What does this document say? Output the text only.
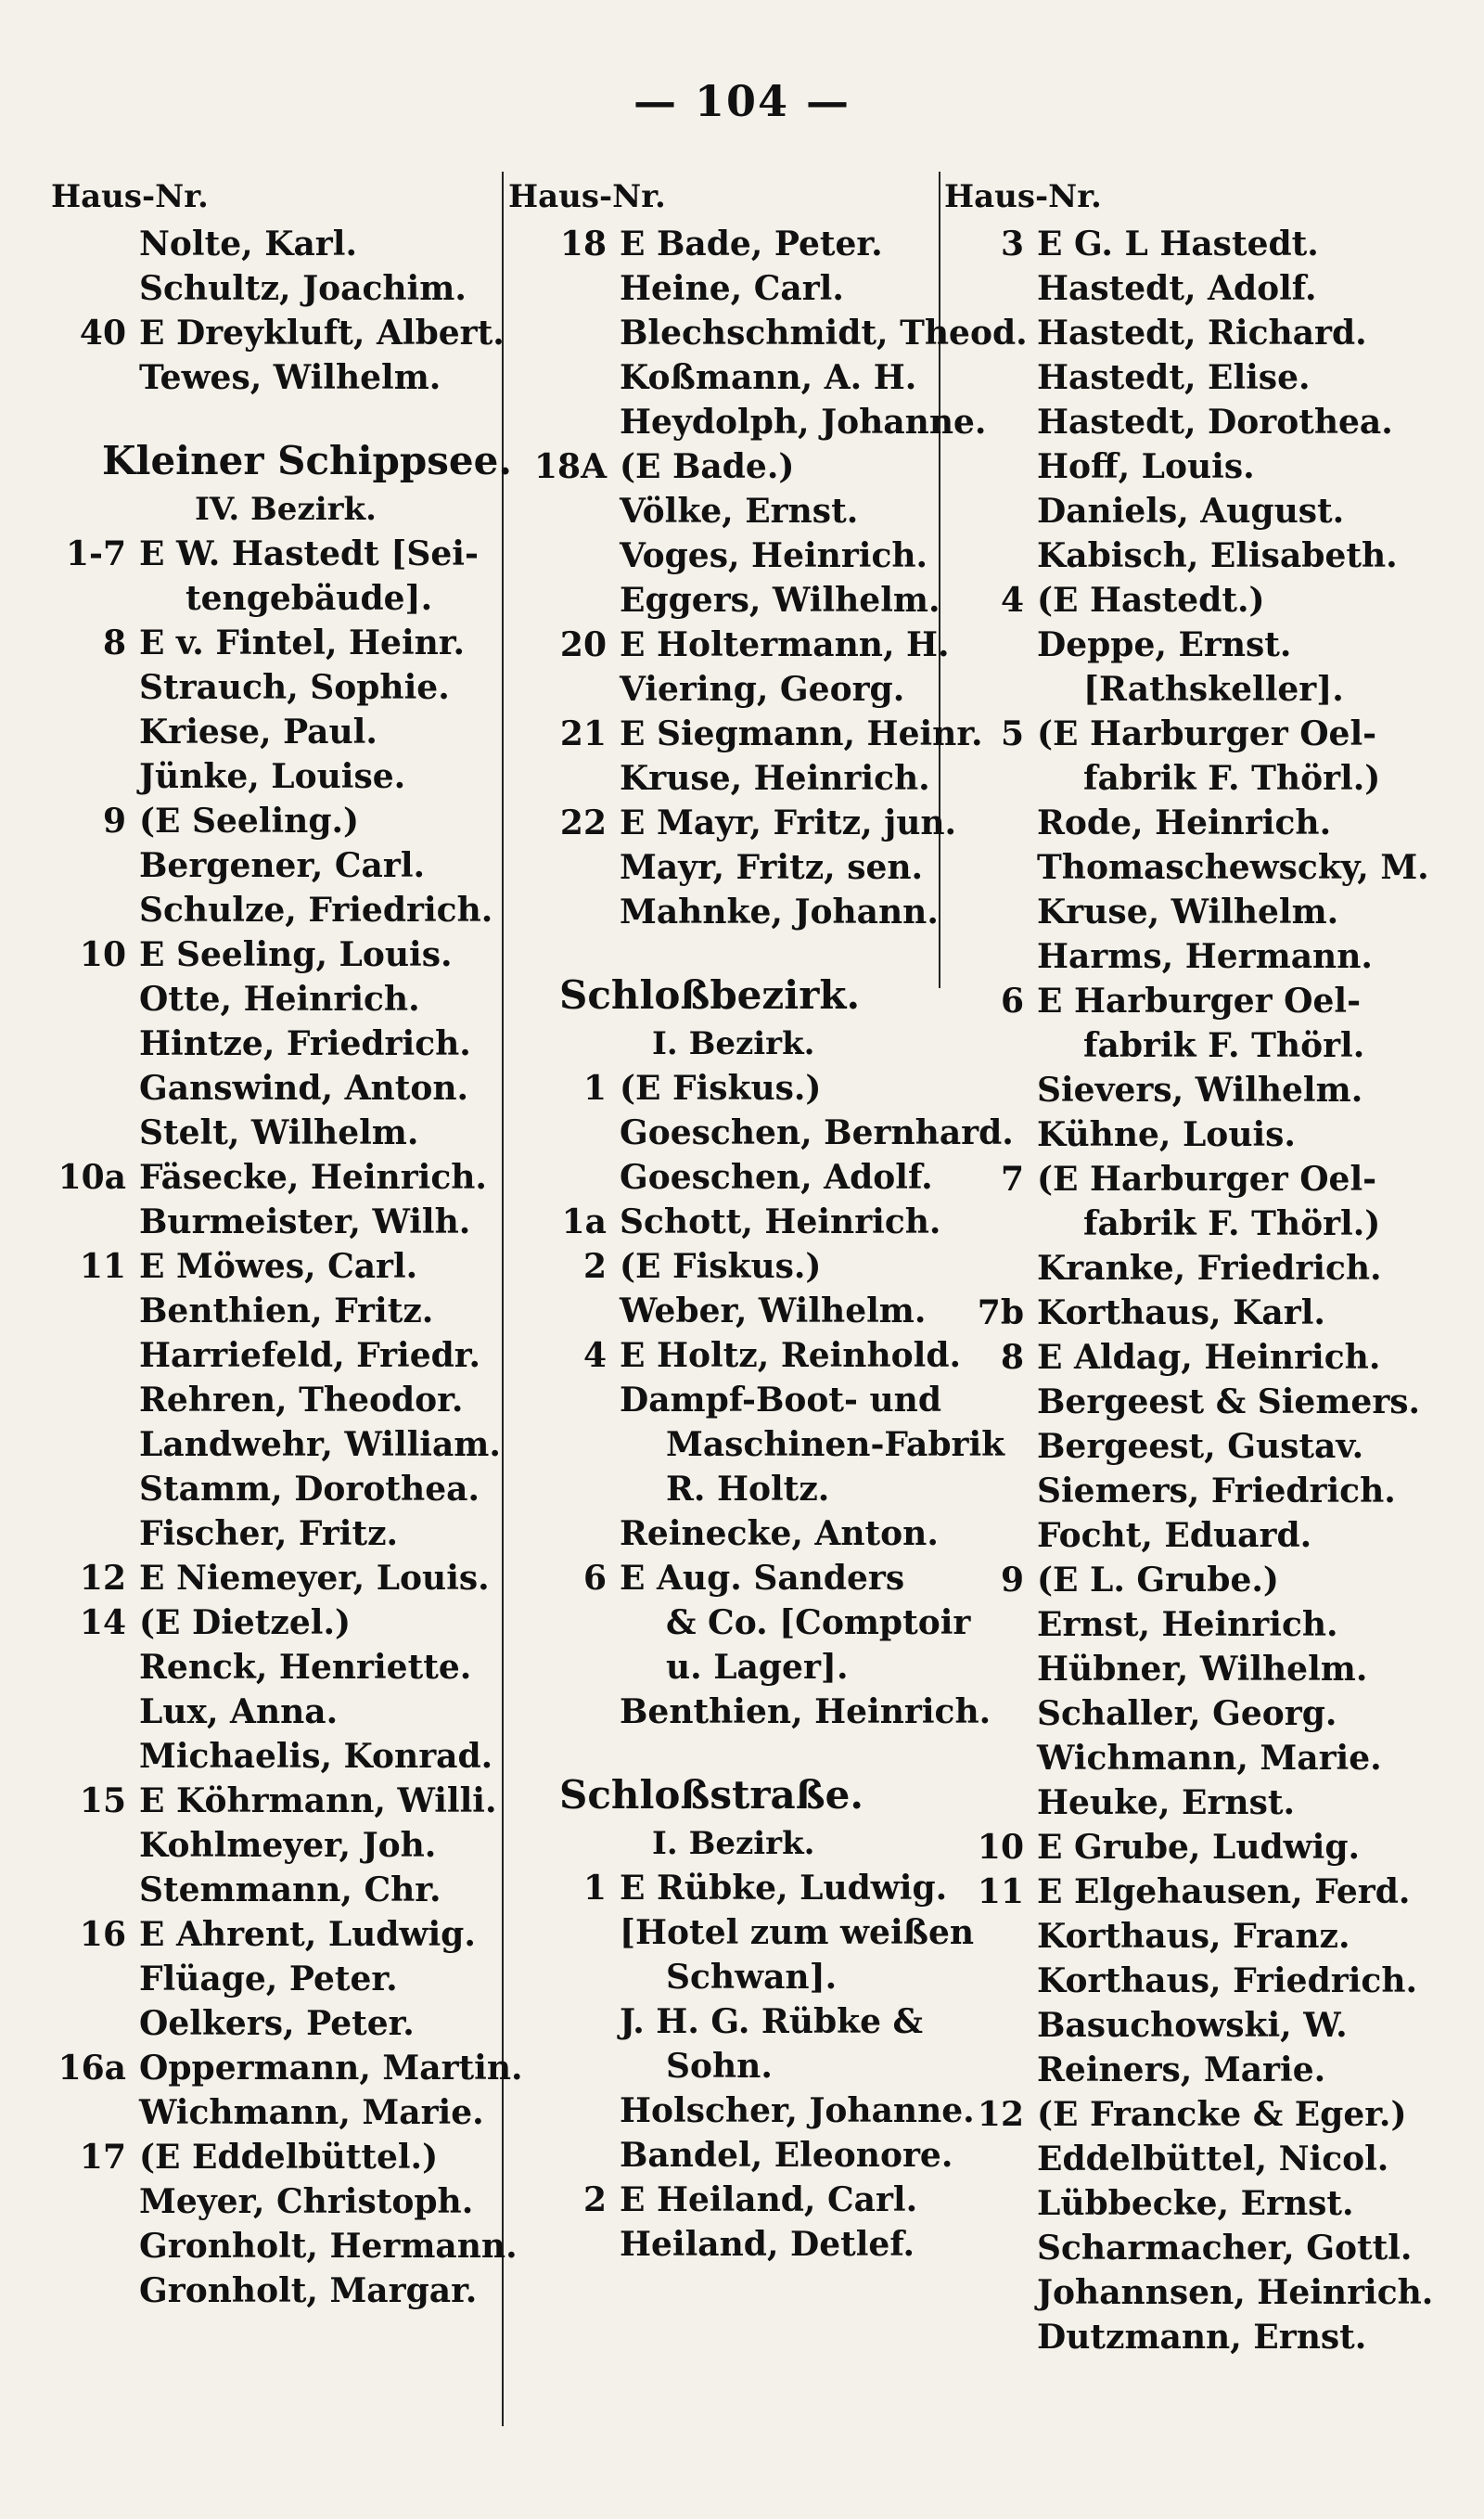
— 104 —
Haus-Nr.
Nolte, Karl.
Schultz, Joachim.
40 E Dreykluft, Albert.
Tewes, Wilhelm.
Kleiner Schippsee.
IV. Bezirk.
1-7 E W. Hastedt [Sei-
tengebäude].
8 E v. Fintel, Heinr.
Strauch, Sophie.
Kriese, Paul.
Jünke, Louise.
9 (E Seeling.)
Bergener, Carl.
Schulze, Friedrich.
10 E Seeling, Louis.
Otte, Heinrich.
Hintze, Friedrich.
Ganswind, Anton.
Stelt, Wilhelm.
10a Fäsecke, Heinrich.
Burmeister, Wilh.
11 E Möwes, Carl.
Benthien, Fritz.
Harriefeld, Friedr.
Rehren, Theodor.
Landwehr, William.
Stamm, Dorothea.
Fischer, Fritz.
12 E Niemeyer, Louis.
14 (E Dietzel.)
Renck, Henriette.
Lux, Anna.
Michaelis, Konrad.
15 E Köhrmann, Willi.
Kohlmeyer, Joh.
Stemmann, Chr.
16 E Ahrent, Ludwig.
Flüage, Peter.
Oelkers, Peter.
16a Oppermann, Martin.
Wichmann, Marie.
17 (E Eddelbüttel.)
Meyer, Christoph.
Gronholt, Hermann.
Gronholt, Margar.
Haus-Nr.
18 E Bade, Peter.
Heine, Carl.
Blechschmidt, Theod.
Koßmann, A. H.
Heydolph, Johanne.
18A (E Bade.)
Völke, Ernst.
Voges, Heinrich.
Eggers, Wilhelm.
20 E Holtermann, H.
Viering, Georg.
21 E Siegmann, Heinr.
Kruse, Heinrich.
22 E Mayr, Fritz, jun.
Mayr, Fritz, sen.
Mahnke, Johann.
Schloßbezirk.
I. Bezirk.
1 (E Fiskus.)
Goeschen, Bernhard.
Goeschen, Adolf.
1a Schott, Heinrich.
2 (E Fiskus.)
Weber, Wilhelm.
4 E Holtz, Reinhold.
Dampf-Boot- und
Maschinen-Fabrik
R. Holtz.
Reinecke, Anton.
6 E Aug. Sanders
& Co. [Comptoir
u. Lager].
Benthien, Heinrich.
Schloßstraße.
I. Bezirk.
1 E Rübke, Ludwig.
[Hotel zum weißen
Schwan].
J. H. G. Rübke &
Sohn.
Holscher, Johanne.
Bandel, Eleonore.
2 E Heiland, Carl.
Heiland, Detlef.
Haus-Nr.
3 E G. L Hastedt.
Hastedt, Adolf.
Hastedt, Richard.
Hastedt, Elise.
Hastedt, Dorothea.
Hoff, Louis.
Daniels, August.
Kabisch, Elisabeth.
4 (E Hastedt.)
Deppe, Ernst.
[Rathskeller].
5 (E Harburger Oel-
fabrik F. Thörl.)
Rode, Heinrich.
Thomaschewscky, M.
Kruse, Wilhelm.
Harms, Hermann.
6 E Harburger Oel-
fabrik F. Thörl.
Sievers, Wilhelm.
Kühne, Louis.
7 (E Harburger Oel-
fabrik F. Thörl.)
Kranke, Friedrich.
7b Korthaus, Karl.
8 E Aldag, Heinrich.
Bergeest & Siemers.
Bergeest, Gustav.
Siemers, Friedrich.
Focht, Eduard.
9 (E L. Grube.)
Ernst, Heinrich.
Hübner, Wilhelm.
Schaller, Georg.
Wichmann, Marie.
Heuke, Ernst.
10 E Grube, Ludwig.
11 E Elgehausen, Ferd.
Korthaus, Franz.
Korthaus, Friedrich.
Basuchowski, W.
Reiners, Marie.
12 (E Francke & Eger.)
Eddelbüttel, Nicol.
Lübbecke, Ernst.
Scharmacher, Gottl.
Johannsen, Heinrich.
Dutzmann, Ernst.
